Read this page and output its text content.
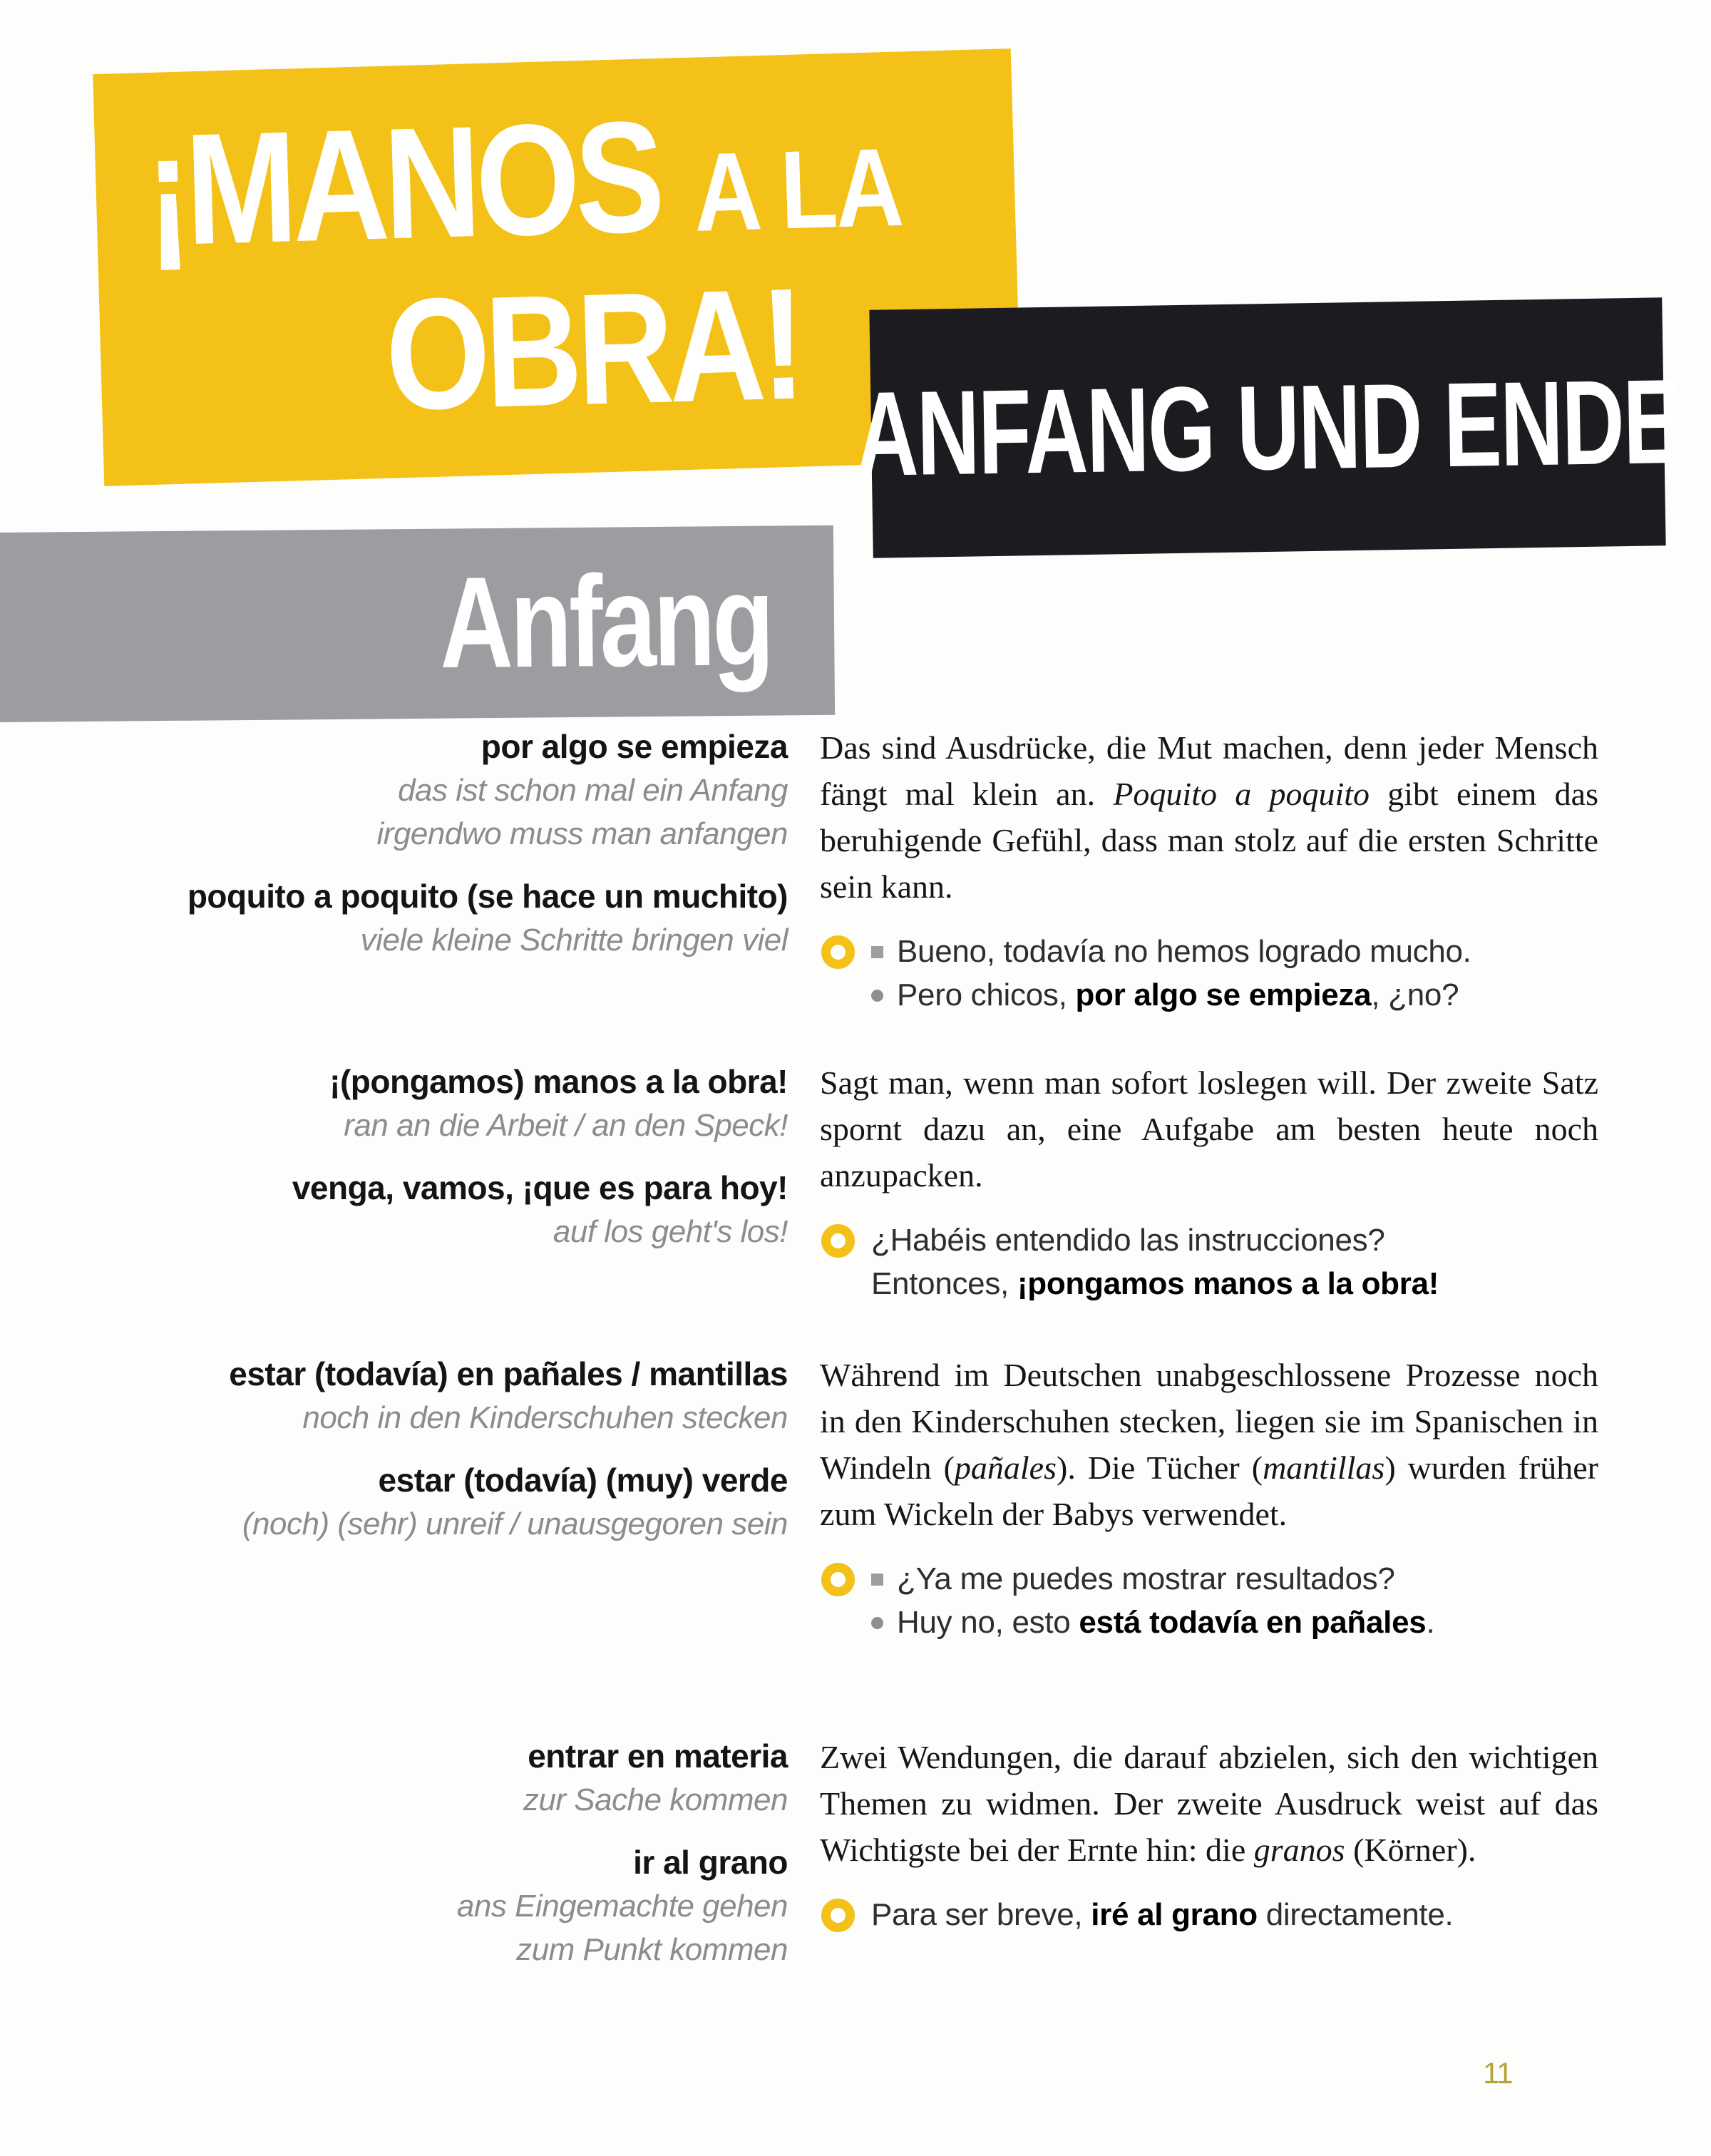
¡MANOS A LA
OBRA! ANFANG UND ENDE
Anfang
por algo se empieza
das ist schon mal ein Anfang
irgendwo muss man anfangen
poquito a poquito (se hace un muchito)
viele kleine Schritte bringen viel

Das sind Ausdrücke, die Mut machen, denn jeder Mensch fängt mal klein an. Poquito a poquito gibt einem das beruhigende Gefühl, dass man stolz auf die ersten Schritte sein kann.

Bueno, todavía no hemos logrado mucho.
Pero chicos, por algo se empieza, ¿no?
¡(pongamos) manos a la obra!
ran an die Arbeit / an den Speck!
venga, vamos, ¡que es para hoy!
auf los geht's los!

Sagt man, wenn man sofort loslegen will. Der zweite Satz spornt dazu an, eine Aufgabe am besten heute noch anzupacken.

¿Habéis entendido las instrucciones?
Entonces, ¡pongamos manos a la obra!
estar (todavía) en pañales / mantillas
noch in den Kinderschuhen stecken
estar (todavía) (muy) verde
(noch) (sehr) unreif / unausgegoren sein

Während im Deutschen unabgeschlossene Prozesse noch in den Kinderschuhen stecken, liegen sie im Spanischen in Windeln (pañales). Die Tücher (mantillas) wurden früher zum Wickeln der Babys verwendet.

¿Ya me puedes mostrar resultados?
Huy no, esto está todavía en pañales.
entrar en materia
zur Sache kommen
ir al grano
ans Eingemachte gehen
zum Punkt kommen

Zwei Wendungen, die darauf abzielen, sich den wichtigen Themen zu widmen. Der zweite Ausdruck weist auf das Wichtigste bei der Ernte hin: die granos (Körner).

Para ser breve, iré al grano directamente.
11
